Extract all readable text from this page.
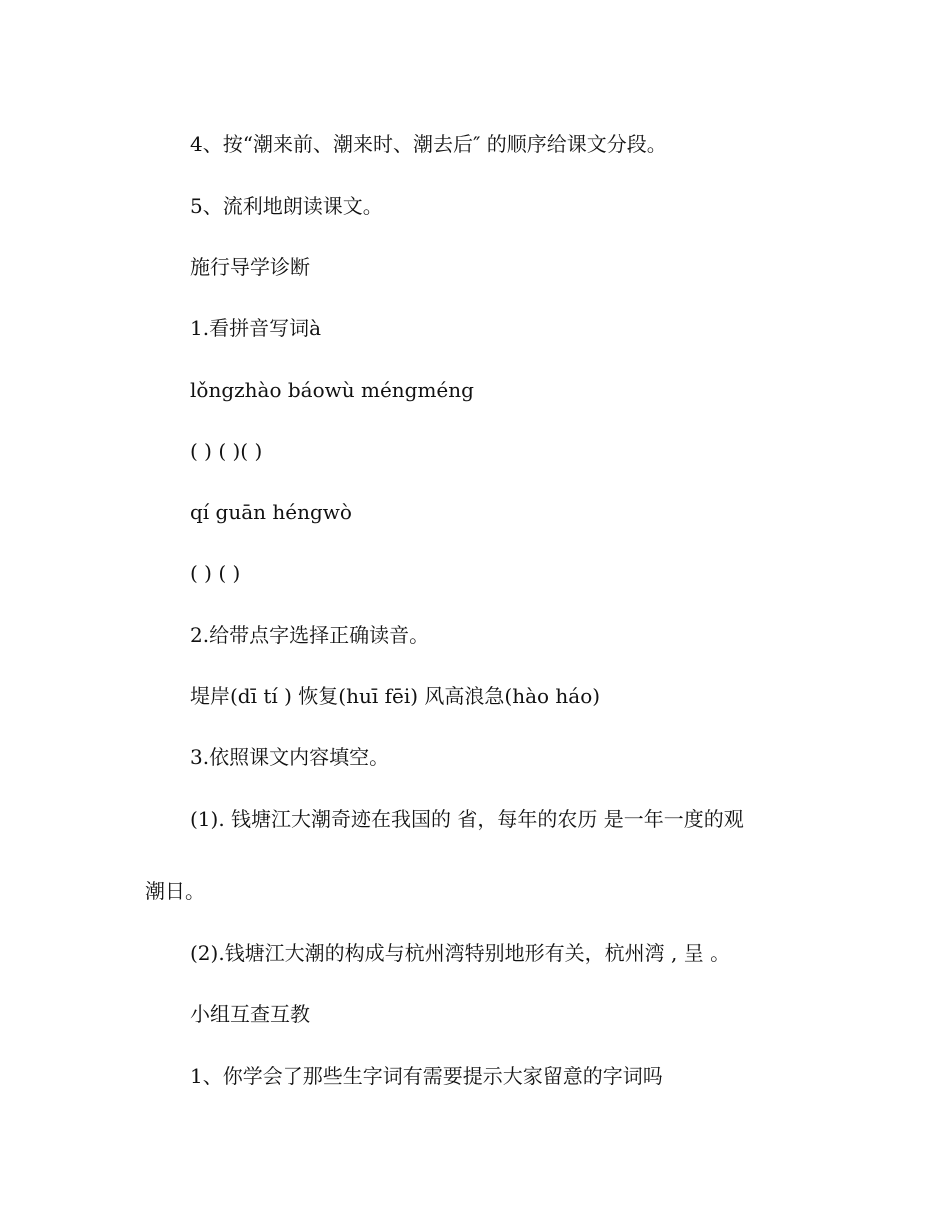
4、按“潮来前、潮来时、潮去后″ 的顺序给课文分段。
5、流利地朗读课文。
施行导学诊断
1.看拼音写词à
lǒngzhào báowù méngméng
( ) ( )( )
qí guān héngwò
( ) ( )
2.给带点字选择正确读音。
堤岸(dī tí ) 恢复(huī fēi) 风高浪急(hào háo)
3.依照课文内容填空。
(1). 钱塘江大潮奇迹在我国的 省，每年的农历 是一年一度的观
潮日。
(2).钱塘江大潮的构成与杭州湾特别地形有关，杭州湾 , 呈 。
小组互查互教
1、你学会了那些生字词有需要提示大家留意的字词吗
